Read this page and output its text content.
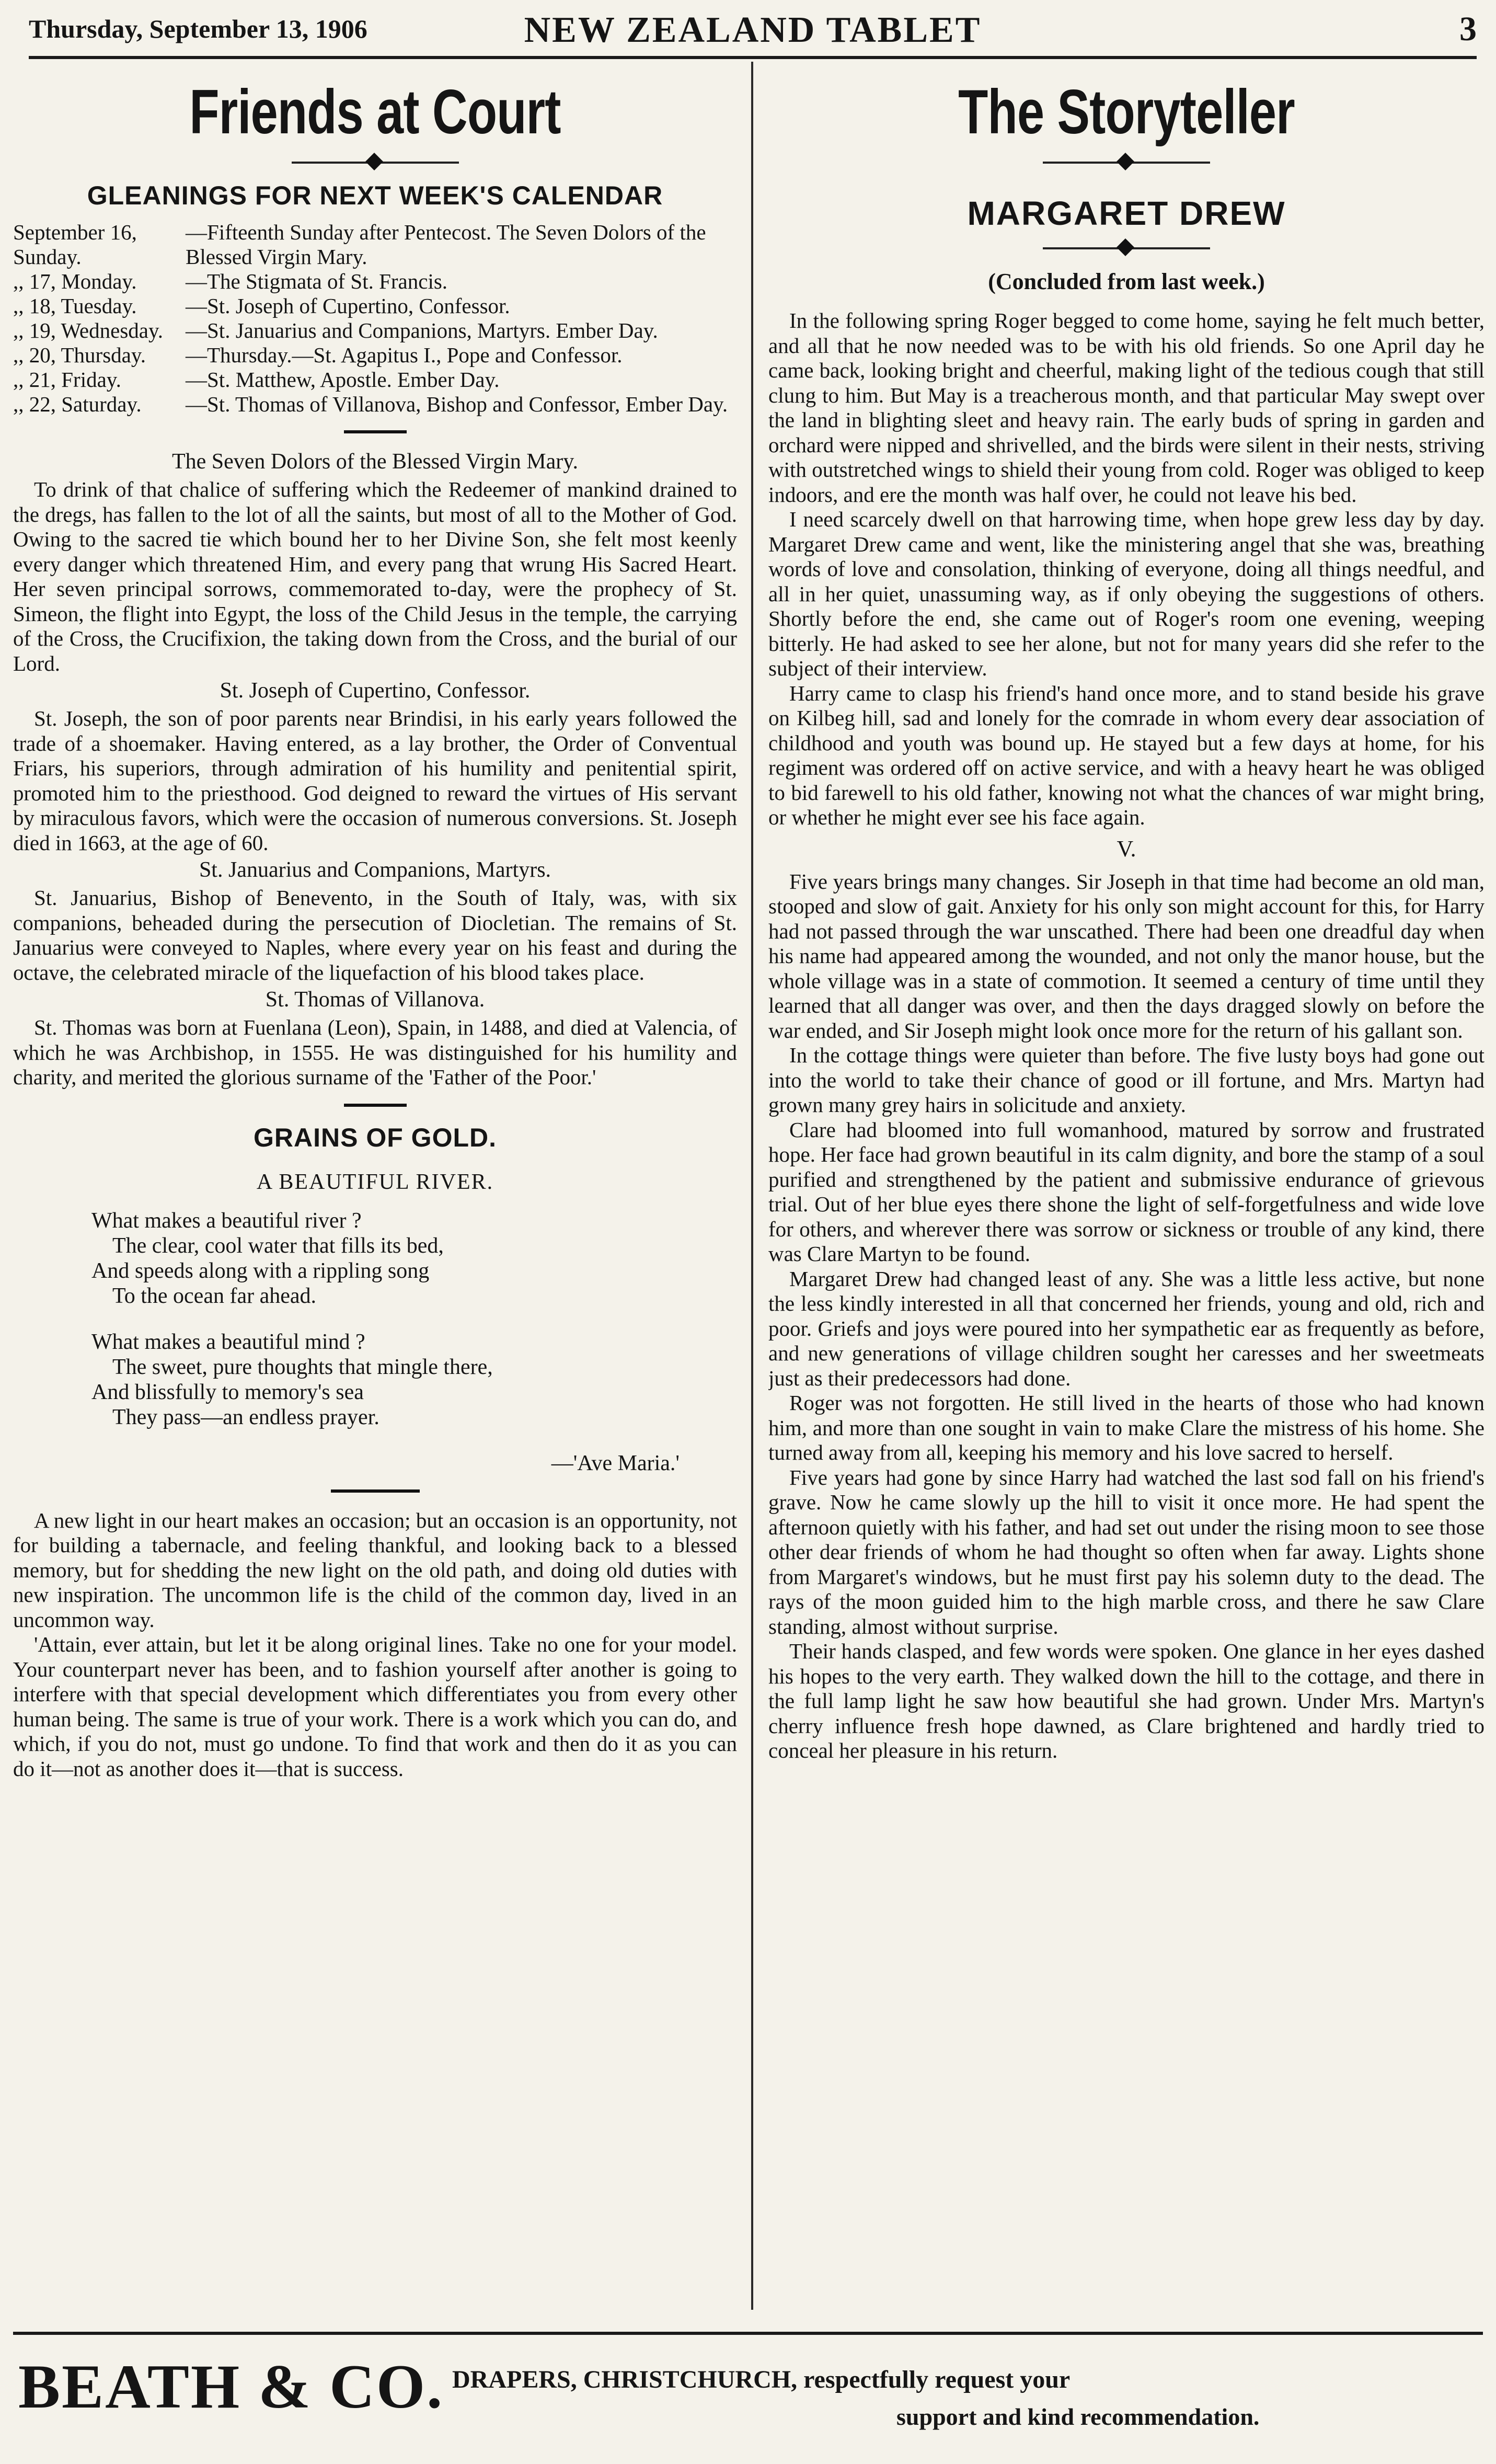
Thursday, September 13, 1906	NEW ZEALAND TABLET	3
Friends at Court
GLEANINGS FOR NEXT WEEK'S CALENDAR
September 16, Sunday.
—Fifteenth Sunday after Pentecost. The Seven Dolors of the Blessed Virgin Mary.
,, 17, Monday.	—The Stigmata of St. Francis.
,, 18, Tuesday.	—St. Joseph of Cupertino, Confessor.
,, 19, Wednesday.	—St. Januarius and Companions, Martyrs. Ember Day.
,, 20, Thursday.	—Thursday.—St. Agapitus I., Pope and Confessor.
,, 21, Friday.	—St. Matthew, Apostle. Ember Day.
,, 22, Saturday.	—St. Thomas of Villanova, Bishop and Confessor, Ember Day.
The Seven Dolors of the Blessed Virgin Mary.

To drink of that chalice of suffering which the Redeemer of mankind drained to the dregs, has fallen to the lot of all the saints, but most of all to the Mother of God. Owing to the sacred tie which bound her to her Divine Son, she felt most keenly every danger which threatened Him, and every pang that wrung His Sacred Heart. Her seven principal sorrows, commemorated to-day, were the prophecy of St. Simeon, the flight into Egypt, the loss of the Child Jesus in the temple, the carrying of the Cross, the Crucifixion, the taking down from the Cross, and the burial of our Lord.

St. Joseph of Cupertino, Confessor.

St. Joseph, the son of poor parents near Brindisi, in his early years followed the trade of a shoemaker. Having entered, as a lay brother, the Order of Conventual Friars, his superiors, through admiration of his humility and penitential spirit, promoted him to the priesthood. God deigned to reward the virtues of His servant by miraculous favors, which were the occasion of numerous conversions. St. Joseph died in 1663, at the age of 60.

St. Januarius and Companions, Martyrs.

St. Januarius, Bishop of Benevento, in the South of Italy, was, with six companions, beheaded during the persecution of Diocletian. The remains of St. Januarius were conveyed to Naples, where every year on his feast and during the octave, the celebrated miracle of the liquefaction of his blood takes place.

St. Thomas of Villanova.

St. Thomas was born at Fuenlana (Leon), Spain, in 1488, and died at Valencia, of which he was Archbishop, in 1555. He was distinguished for his humility and charity, and merited the glorious surname of the 'Father of the Poor.'

GRAINS OF GOLD.
A BEAUTIFUL RIVER.
What makes a beautiful river ?
The clear, cool water that fills its bed,
And speeds along with a rippling song
To the ocean far ahead.
What makes a beautiful mind ?
The sweet, pure thoughts that mingle there,
And blissfully to memory's sea
They pass—an endless prayer.
—'Ave Maria.'

A new light in our heart makes an occasion; but an occasion is an opportunity, not for building a tabernacle, and feeling thankful, and looking back to a blessed memory, but for shedding the new light on the old path, and doing old duties with new inspiration. The uncommon life is the child of the common day, lived in an uncommon way.

'Attain, ever attain, but let it be along original lines. Take no one for your model. Your counterpart never has been, and to fashion yourself after another is going to interfere with that special development which differentiates you from every other human being. The same is true of your work. There is a work which you can do, and which, if you do not, must go undone. To find that work and then do it as you can do it—not as another does it—that is success.

The Storyteller
MARGARET DREW
(Concluded from last week.)

In the following spring Roger begged to come home, saying he felt much better, and all that he now needed was to be with his old friends. So one April day he came back, looking bright and cheerful, making light of the tedious cough that still clung to him. But May is a treacherous month, and that particular May swept over the land in blighting sleet and heavy rain. The early buds of spring in garden and orchard were nipped and shrivelled, and the birds were silent in their nests, striving with outstretched wings to shield their young from cold. Roger was obliged to keep indoors, and ere the month was half over, he could not leave his bed.

I need scarcely dwell on that harrowing time, when hope grew less day by day. Margaret Drew came and went, like the ministering angel that she was, breathing words of love and consolation, thinking of everyone, doing all things needful, and all in her quiet, unassuming way, as if only obeying the suggestions of others. Shortly before the end, she came out of Roger's room one evening, weeping bitterly. He had asked to see her alone, but not for many years did she refer to the subject of their interview.

Harry came to clasp his friend's hand once more, and to stand beside his grave on Kilbeg hill, sad and lonely for the comrade in whom every dear association of childhood and youth was bound up. He stayed but a few days at home, for his regiment was ordered off on active service, and with a heavy heart he was obliged to bid farewell to his old father, knowing not what the chances of war might bring, or whether he might ever see his face again.

V.

Five years brings many changes. Sir Joseph in that time had become an old man, stooped and slow of gait. Anxiety for his only son might account for this, for Harry had not passed through the war unscathed. There had been one dreadful day when his name had appeared among the wounded, and not only the manor house, but the whole village was in a state of commotion. It seemed a century of time until they learned that all danger was over, and then the days dragged slowly on before the war ended, and Sir Joseph might look once more for the return of his gallant son.

In the cottage things were quieter than before. The five lusty boys had gone out into the world to take their chance of good or ill fortune, and Mrs. Martyn had grown many grey hairs in solicitude and anxiety.

Clare had bloomed into full womanhood, matured by sorrow and frustrated hope. Her face had grown beautiful in its calm dignity, and bore the stamp of a soul purified and strengthened by the patient and submissive endurance of grievous trial. Out of her blue eyes there shone the light of self-forgetfulness and wide love for others, and wherever there was sorrow or sickness or trouble of any kind, there was Clare Martyn to be found.

Margaret Drew had changed least of any. She was a little less active, but none the less kindly interested in all that concerned her friends, young and old, rich and poor. Griefs and joys were poured into her sympathetic ear as frequently as before, and new generations of village children sought her caresses and her sweetmeats just as their predecessors had done.

Roger was not forgotten. He still lived in the hearts of those who had known him, and more than one sought in vain to make Clare the mistress of his home. She turned away from all, keeping his memory and his love sacred to herself.

Five years had gone by since Harry had watched the last sod fall on his friend's grave. Now he came slowly up the hill to visit it once more. He had spent the afternoon quietly with his father, and had set out under the rising moon to see those other dear friends of whom he had thought so often when far away. Lights shone from Margaret's windows, but he must first pay his solemn duty to the dead. The rays of the moon guided him to the high marble cross, and there he saw Clare standing, almost without surprise.

Their hands clasped, and few words were spoken. One glance in her eyes dashed his hopes to the very earth. They walked down the hill to the cottage, and there in the full lamp light he saw how beautiful she had grown. Under Mrs. Martyn's cherry influence fresh hope dawned, as Clare brightened and hardly tried to conceal her pleasure in his return.

BEATH & CO. DRAPERS, CHRISTCHURCH, respectfully request your
support and kind recommendation.
